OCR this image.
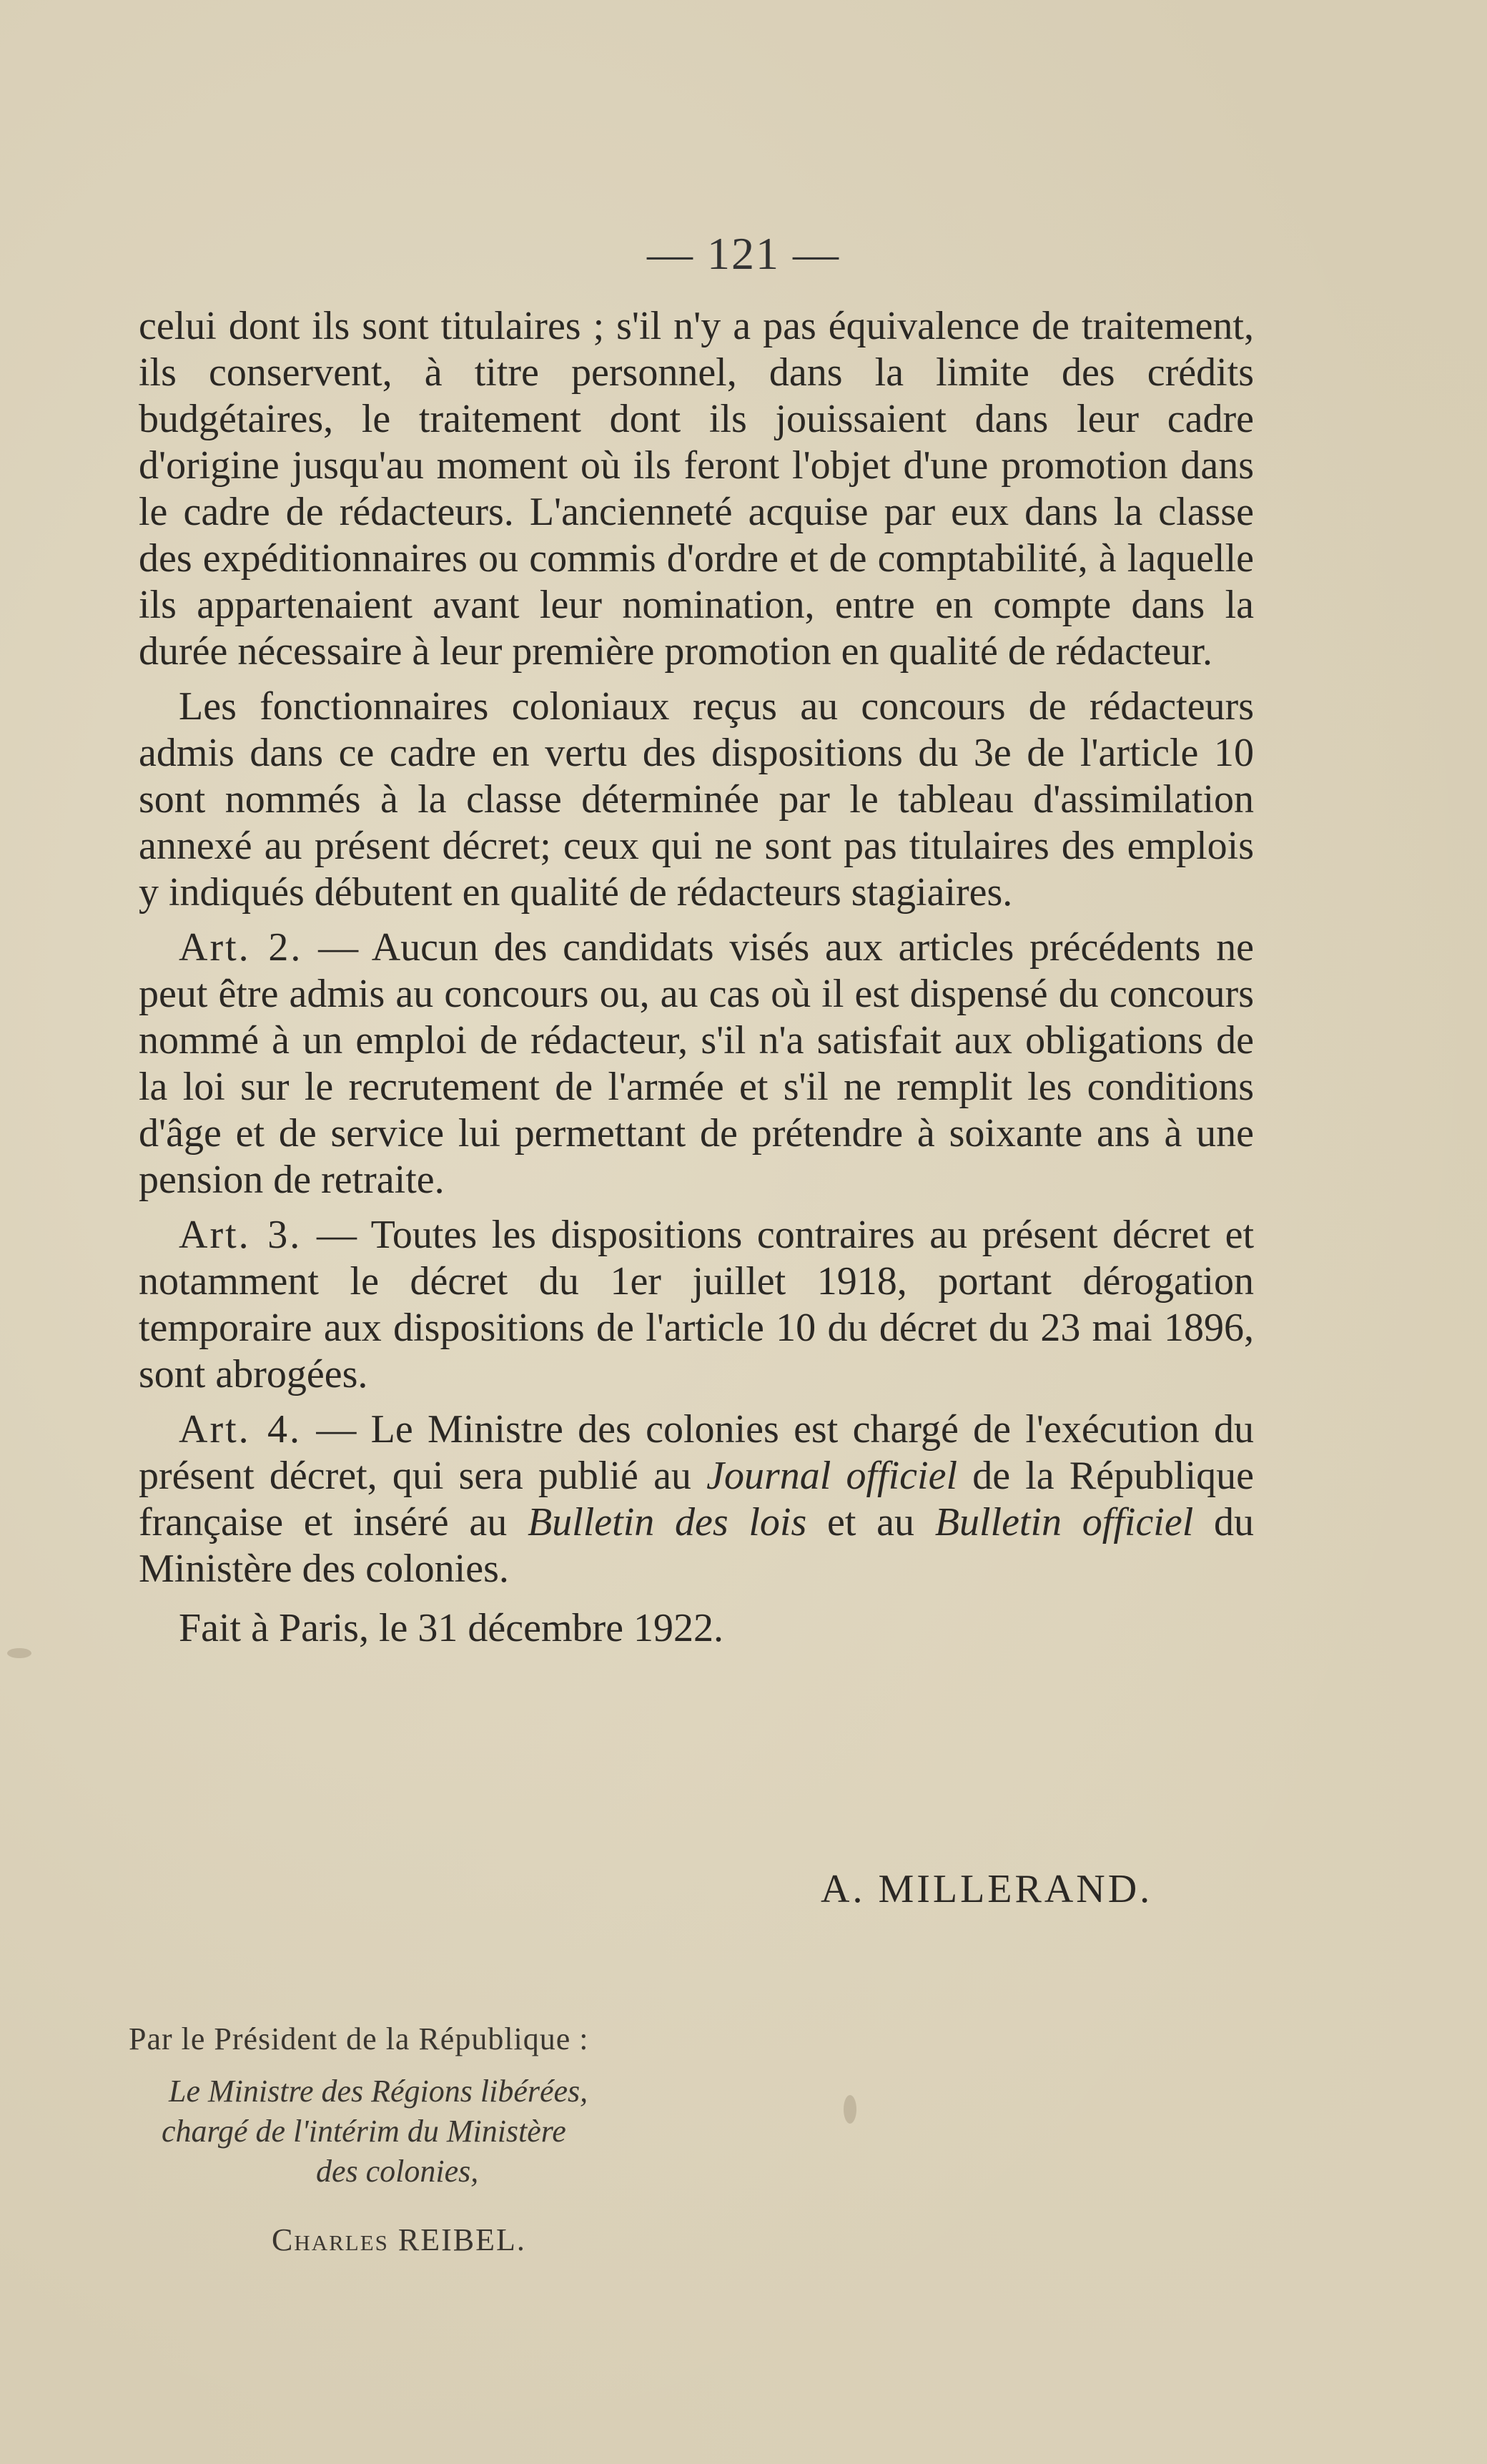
— 121 —

celui dont ils sont titulaires ; s'il n'y a pas équivalence de traitement, ils conservent, à titre personnel, dans la limite des crédits budgétaires, le traitement dont ils jouissaient dans leur cadre d'origine jusqu'au moment où ils feront l'objet d'une promotion dans le cadre de rédacteurs. L'ancienneté acquise par eux dans la classe des expéditionnaires ou commis d'ordre et de comptabilité, à laquelle ils appartenaient avant leur nomination, entre en compte dans la durée nécessaire à leur première promotion en qualité de rédacteur.

Les fonctionnaires coloniaux reçus au concours de rédacteurs admis dans ce cadre en vertu des dispositions du 3e de l'article 10 sont nommés à la classe déterminée par le tableau d'assimilation annexé au présent décret; ceux qui ne sont pas titulaires des emplois y indiqués débutent en qualité de rédacteurs stagiaires.

Art. 2. — Aucun des candidats visés aux articles précédents ne peut être admis au concours ou, au cas où il est dispensé du concours nommé à un emploi de rédacteur, s'il n'a satisfait aux obligations de la loi sur le recrutement de l'armée et s'il ne remplit les conditions d'âge et de service lui permettant de prétendre à soixante ans à une pension de retraite.

Art. 3. — Toutes les dispositions contraires au présent décret et notamment le décret du 1er juillet 1918, portant dérogation temporaire aux dispositions de l'article 10 du décret du 23 mai 1896, sont abrogées.

Art. 4. — Le Ministre des colonies est chargé de l'exécution du présent décret, qui sera publié au Journal officiel de la République française et inséré au Bulletin des lois et au Bulletin officiel du Ministère des colonies.

Fait à Paris, le 31 décembre 1922.

A. MILLERAND.
Par le Président de la République :
Le Ministre des Régions libérées,
chargé de l'intérim du Ministère
des colonies,
Charles REIBEL.
